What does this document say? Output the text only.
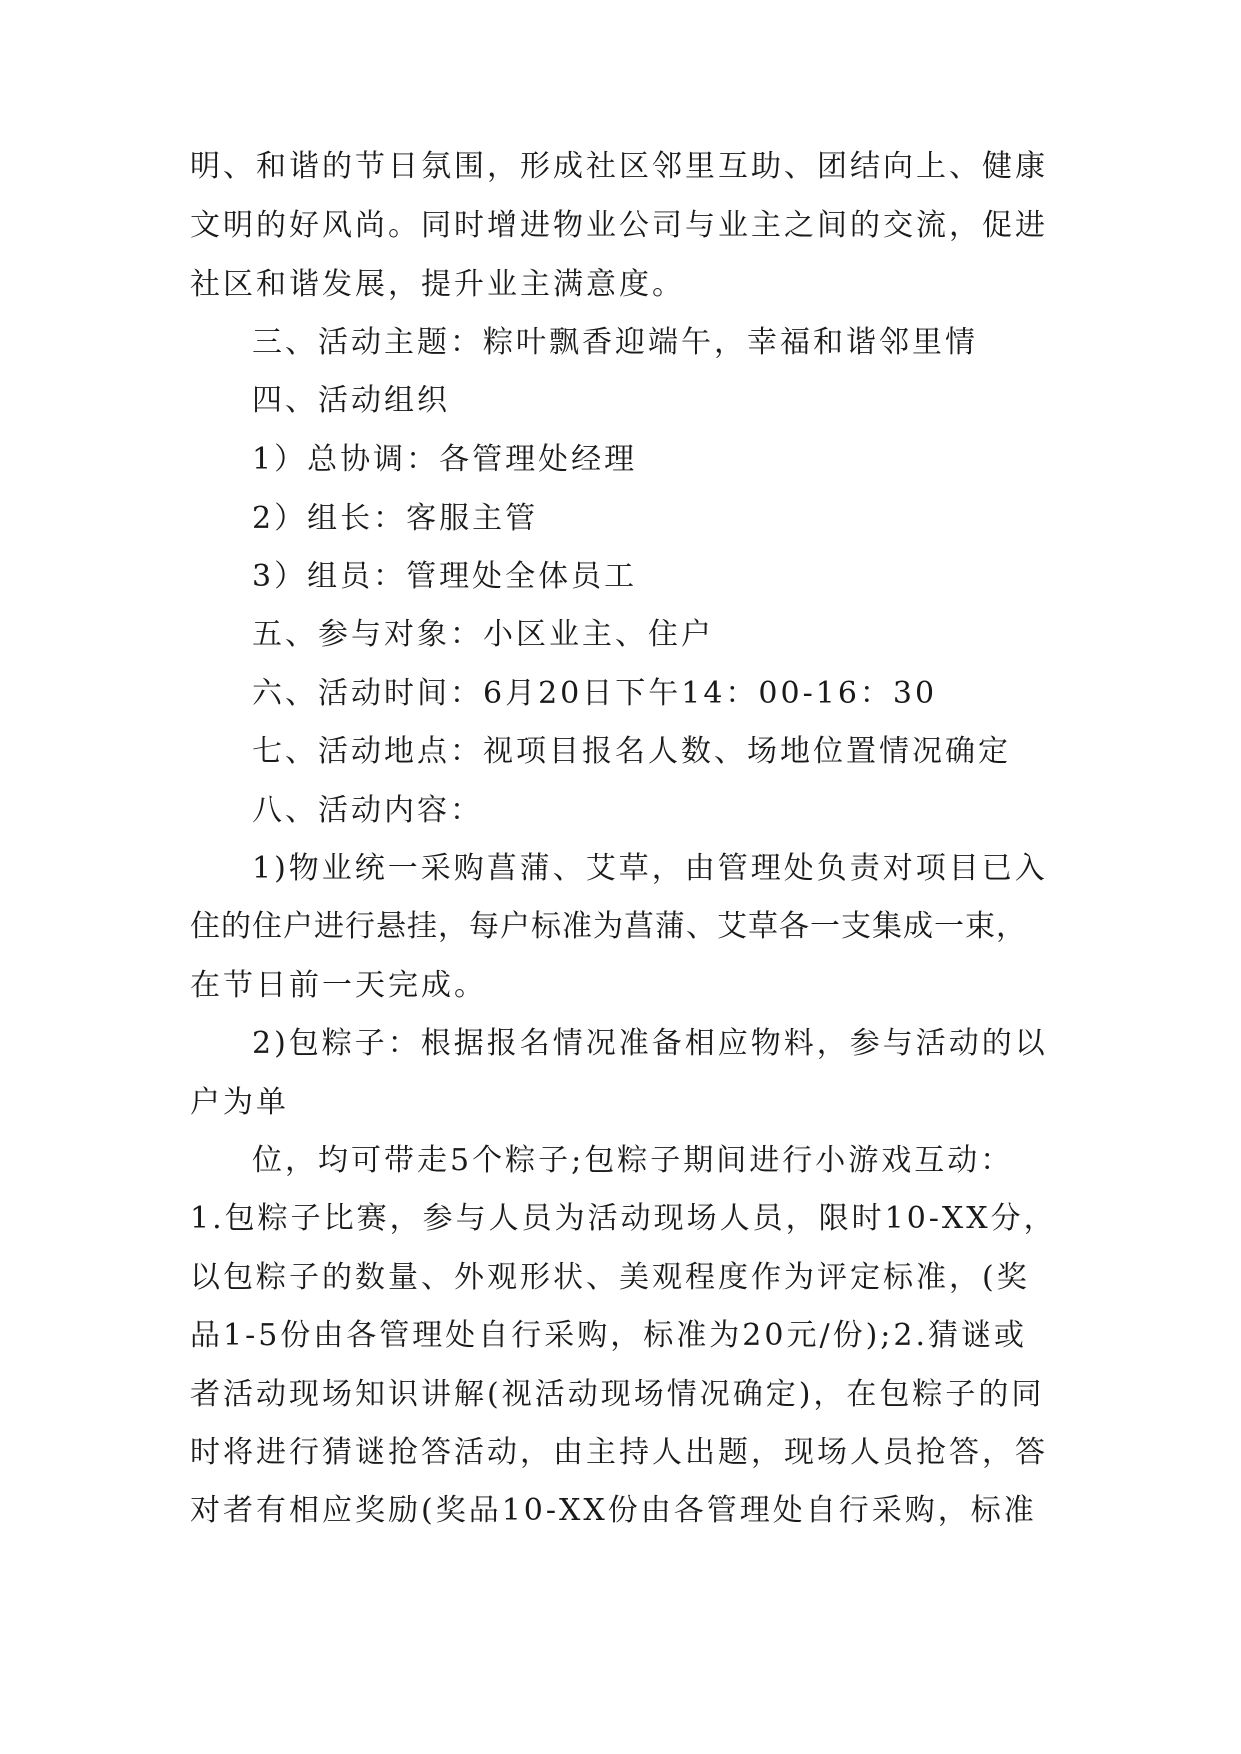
明、和谐的节日氛围，形成社区邻里互助、团结向上、健康
文明的好风尚。同时增进物业公司与业主之间的交流，促进
社区和谐发展，提升业主满意度。
三、活动主题：粽叶飘香迎端午，幸福和谐邻里情
四、活动组织
1）总协调：各管理处经理
2）组长：客服主管
3）组员：管理处全体员工
五、参与对象：小区业主、住户
六、活动时间：6月20日下午14：00-16：30
七、活动地点：视项目报名人数、场地位置情况确定
八、活动内容：
1)物业统一采购菖蒲、艾草，由管理处负责对项目已入
住的住户进行悬挂，每户标准为菖蒲、艾草各一支集成一束，
在节日前一天完成。
2)包粽子：根据报名情况准备相应物料，参与活动的以
户为单
位，均可带走5个粽子;包粽子期间进行小游戏互动：
1.包粽子比赛，参与人员为活动现场人员，限时10-XX分，
以包粽子的数量、外观形状、美观程度作为评定标准，(奖
品1-5份由各管理处自行采购，标准为20元/份);2.猜谜或
者活动现场知识讲解(视活动现场情况确定)，在包粽子的同
时将进行猜谜抢答活动，由主持人出题，现场人员抢答，答
对者有相应奖励(奖品10-XX份由各管理处自行采购，标准
